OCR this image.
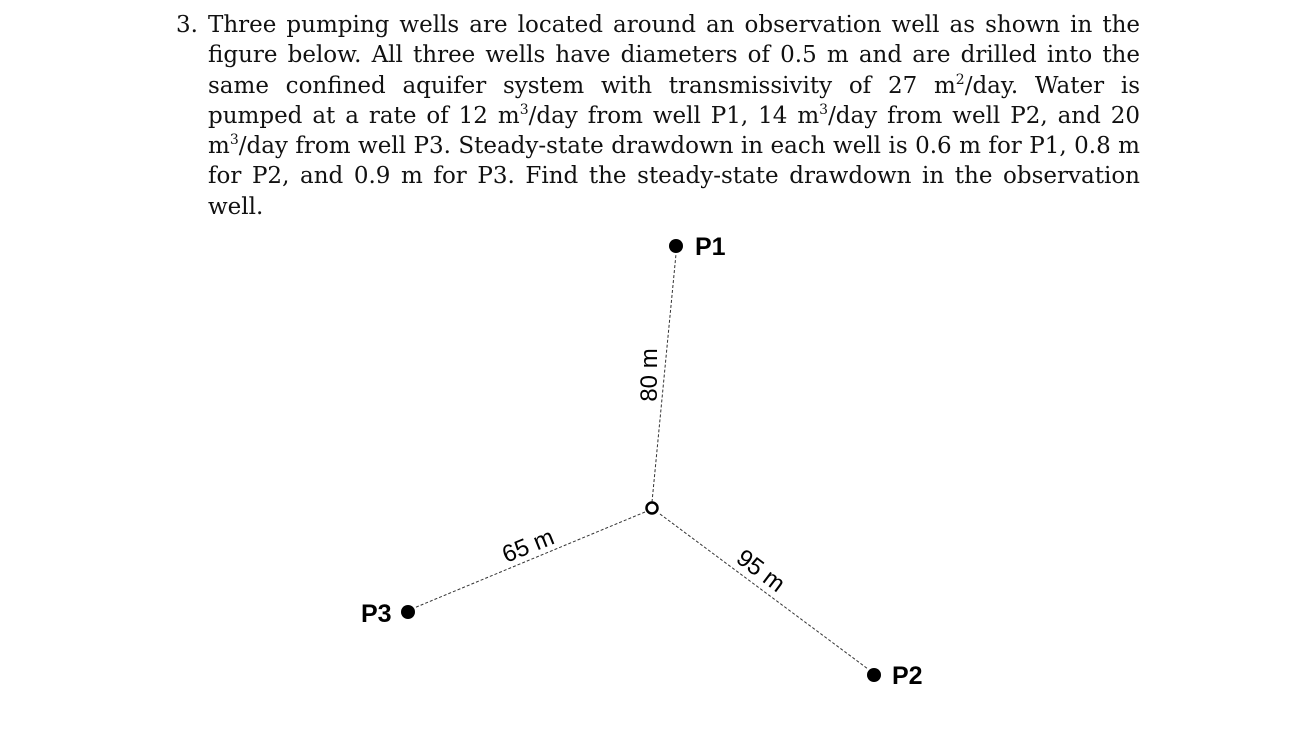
3. Three pumping wells are located around an observation well as shown in the figure below. All three wells have diameters of 0.5 m and are drilled into the same confined aquifer system with transmissivity of 27 $m^2$/day. Water is pumped at a rate of 12 $m^3$/day from well P1, 14 $m^3$/day from well P2, and 20 $m^3$/day from well P3. Steady-state drawdown in each well is 0.6 m for P1, 0.8 m for P2, and 0.9 m for P3. Find the steady-state drawdown in the observation well.

P1
P2
P3
80 m
95 m
65 m
